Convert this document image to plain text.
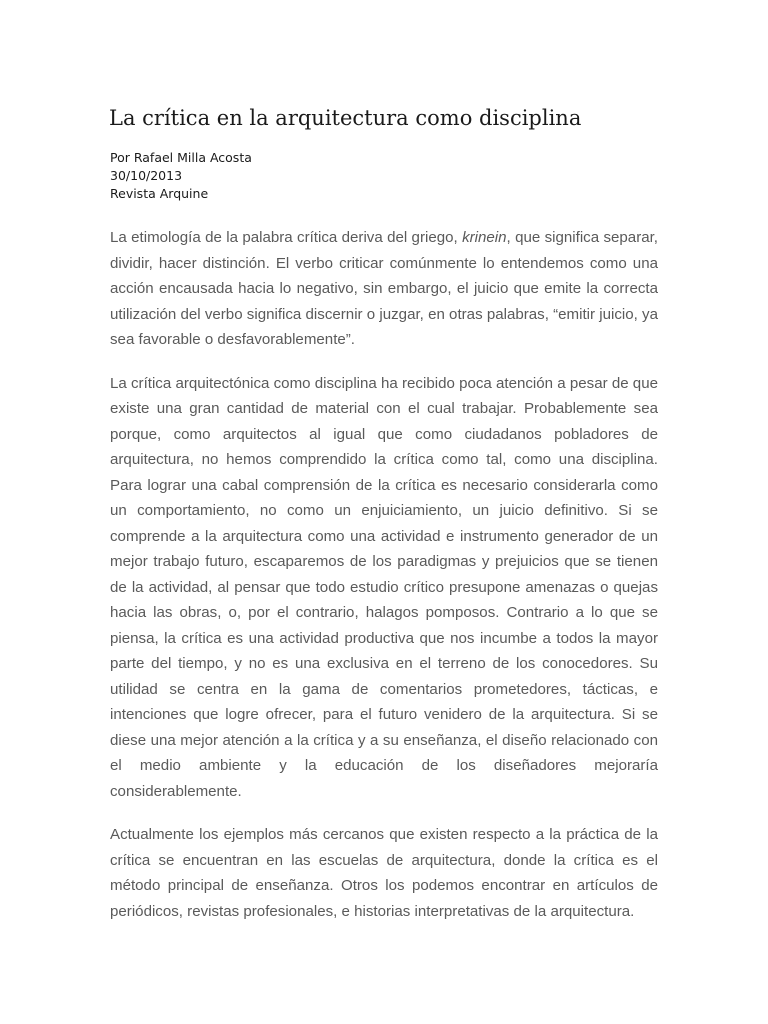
La crítica en la arquitectura como disciplina
Por Rafael Milla Acosta
30/10/2013
Revista Arquine

La etimología de la palabra crítica deriva del griego, krinein, que significa separar, dividir, hacer distinción. El verbo criticar comúnmente lo entendemos como una acción encausada hacia lo negativo, sin embargo, el juicio que emite la correcta utilización del verbo significa discernir o juzgar, en otras palabras, “emitir juicio, ya sea favorable o desfavorablemente”.

La crítica arquitectónica como disciplina ha recibido poca atención a pesar de que existe una gran cantidad de material con el cual trabajar. Probablemente sea porque, como arquitectos al igual que como ciudadanos pobladores de arquitectura, no hemos comprendido la crítica como tal, como una disciplina. Para lograr una cabal comprensión de la crítica es necesario considerarla como un comportamiento, no como un enjuiciamiento, un juicio definitivo. Si se comprende a la arquitectura como una actividad e instrumento generador de un mejor trabajo futuro, escaparemos de los paradigmas y prejuicios que se tienen de la actividad, al pensar que todo estudio crítico presupone amenazas o quejas hacia las obras, o, por el contrario, halagos pomposos. Contrario a lo que se piensa, la crítica es una actividad productiva que nos incumbe a todos la mayor parte del tiempo, y no es una exclusiva en el terreno de los conocedores. Su utilidad se centra en la gama de comentarios prometedores, tácticas, e intenciones que logre ofrecer, para el futuro venidero de la arquitectura. Si se diese una mejor atención a la crítica y a su enseñanza, el diseño relacionado con el medio ambiente y la educación de los diseñadores mejoraría considerablemente.

Actualmente los ejemplos más cercanos que existen respecto a la práctica de la crítica se encuentran en las escuelas de arquitectura, donde la crítica es el método principal de enseñanza. Otros los podemos encontrar en artículos de periódicos, revistas profesionales, e historias interpretativas de la arquitectura.
